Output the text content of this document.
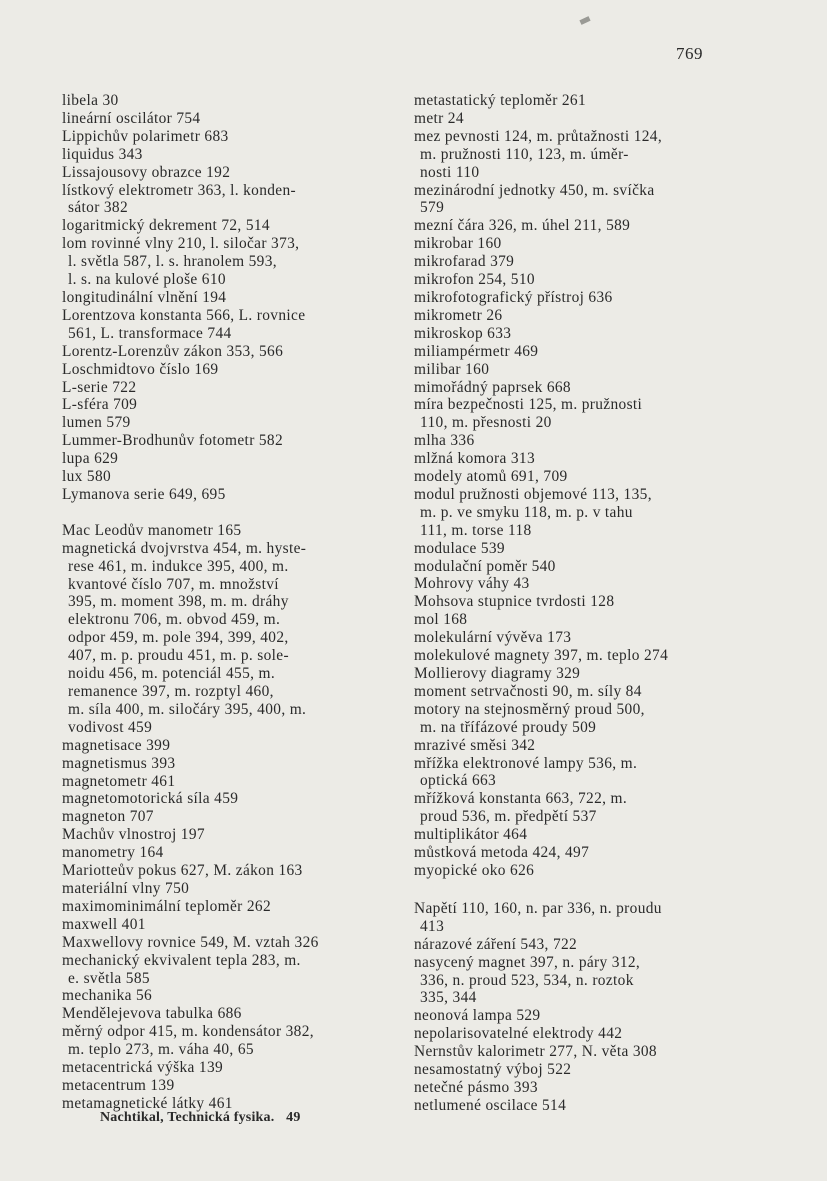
769
libela 30
lineární oscilátor 754
Lippichův polarimetr 683
liquidus 343
Lissajousovy obrazce 192
lístkový elektrometr 363, l. konden-
sátor 382
logaritmický dekrement 72, 514
lom rovinné vlny 210, l. siločar 373,
l. světla 587, l. s. hranolem 593,
l. s. na kulové ploše 610
longitudinální vlnění 194
Lorentzova konstanta 566, L. rovnice
561, L. transformace 744
Lorentz-Lorenzův zákon 353, 566
Loschmidtovo číslo 169
L-serie 722
L-sféra 709
lumen 579
Lummer-Brodhunův fotometr 582
lupa 629
lux 580
Lymanova serie 649, 695
Mac Leodův manometr 165
magnetická dvojvrstva 454, m. hyste-
rese 461, m. indukce 395, 400, m.
kvantové číslo 707, m. množství
395, m. moment 398, m. m. dráhy
elektronu 706, m. obvod 459, m.
odpor 459, m. pole 394, 399, 402,
407, m. p. proudu 451, m. p. sole-
noidu 456, m. potenciál 455, m.
remanence 397, m. rozptyl 460,
m. síla 400, m. siločáry 395, 400, m.
vodivost 459
magnetisace 399
magnetismus 393
magnetometr 461
magnetomotorická síla 459
magneton 707
Machův vlnostroj 197
manometry 164
Mariotteův pokus 627, M. zákon 163
materiální vlny 750
maximominimální teploměr 262
maxwell 401
Maxwellovy rovnice 549, M. vztah 326
mechanický ekvivalent tepla 283, m.
e. světla 585
mechanika 56
Mendělejevova tabulka 686
měrný odpor 415, m. kondensátor 382,
m. teplo 273, m. váha 40, 65
metacentrická výška 139
metacentrum 139
metamagnetické látky 461
metastatický teploměr 261
metr 24
mez pevnosti 124, m. průtažnosti 124,
m. pružnosti 110, 123, m. úměr-
nosti 110
mezinárodní jednotky 450, m. svíčka
579
mezní čára 326, m. úhel 211, 589
mikrobar 160
mikrofarad 379
mikrofon 254, 510
mikrofotografický přístroj 636
mikrometr 26
mikroskop 633
miliampérmetr 469
milibar 160
mimořádný paprsek 668
míra bezpečnosti 125, m. pružnosti
110, m. přesnosti 20
mlha 336
mlžná komora 313
modely atomů 691, 709
modul pružnosti objemové 113, 135,
m. p. ve smyku 118, m. p. v tahu
111, m. torse 118
modulace 539
modulační poměr 540
Mohrovy váhy 43
Mohsova stupnice tvrdosti 128
mol 168
molekulární vývěva 173
molekulové magnety 397, m. teplo 274
Mollierovy diagramy 329
moment setrvačnosti 90, m. síly 84
motory na stejnosměrný proud 500,
m. na třífázové proudy 509
mrazivé směsi 342
mřížka elektronové lampy 536, m.
optická 663
mřížková konstanta 663, 722, m.
proud 536, m. předpětí 537
multiplikátor 464
můstková metoda 424, 497
myopické oko 626
Napětí 110, 160, n. par 336, n. proudu
413
nárazové záření 543, 722
nasycený magnet 397, n. páry 312,
336, n. proud 523, 534, n. roztok
335, 344
neonová lampa 529
nepolarisovatelné elektrody 442
Nernstův kalorimetr 277, N. věta 308
nesamostatný výboj 522
netečné pásmo 393
netlumené oscilace 514
Nachtikal, Technická fysika. 49
